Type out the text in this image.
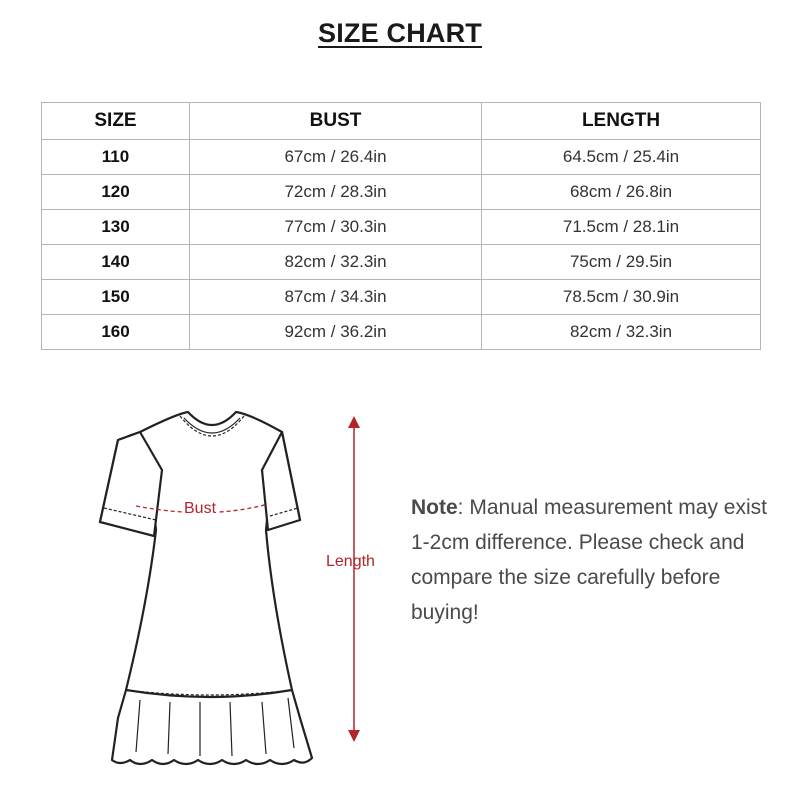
SIZE CHART
SIZE	BUST	LENGTH
110	67cm / 26.4in	64.5cm / 25.4in
120	72cm / 28.3in	68cm / 26.8in
130	77cm / 30.3in	71.5cm / 28.1in
140	82cm / 32.3in	75cm / 29.5in
150	87cm / 34.3in	78.5cm / 30.9in
160	92cm / 36.2in	82cm / 32.3in
Bust
Length
Note: Manual measurement may exist 1-2cm difference. Please check and compare the size carefully before buying!
